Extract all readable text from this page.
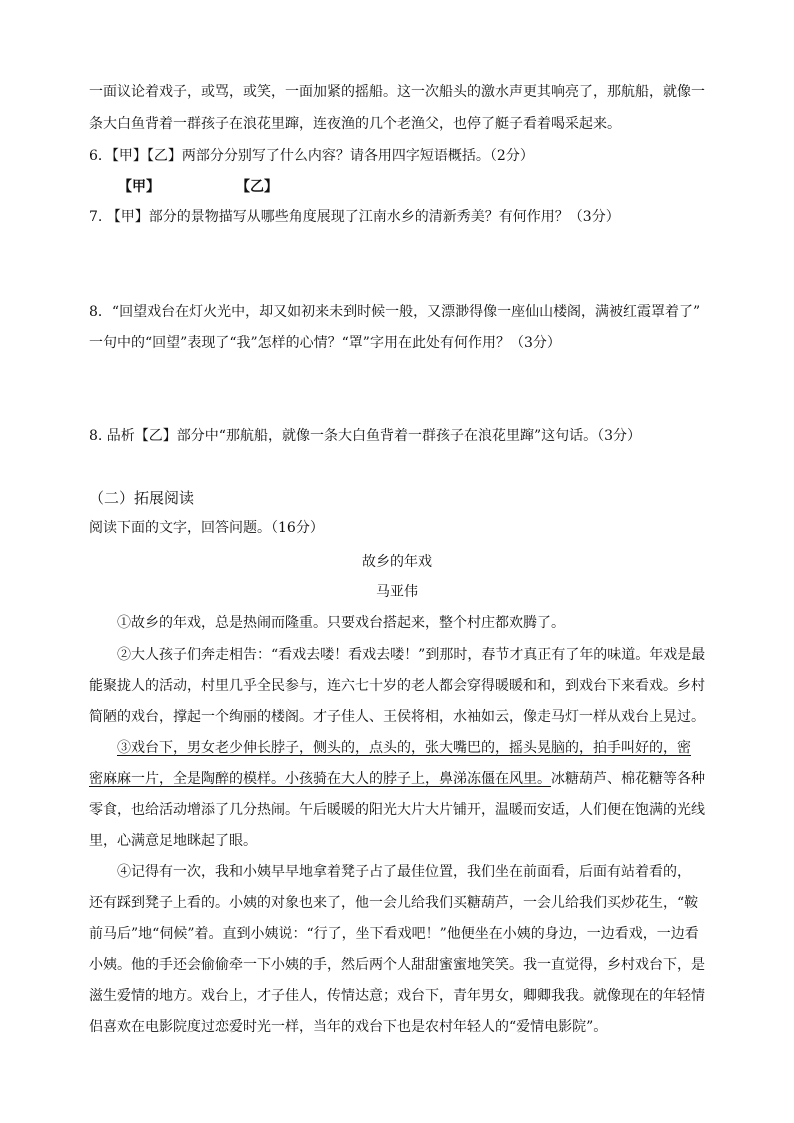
一面议论着戏子，或骂，或笑，一面加紧的摇船。这一次船头的激水声更其响亮了，那航船，就像一
条大白鱼背着一群孩子在浪花里蹿，连夜渔的几个老渔父，也停了艇子看着喝采起来。
6．【甲】【乙】两部分分别写了什么内容？请各用四字短语概括。（2分）
【甲】	【乙】
7. 【甲】部分的景物描写从哪些角度展现了江南水乡的清新秀美？有何作用？（3分）
8．“回望戏台在灯火光中，却又如初来未到时候一般，又漂渺得像一座仙山楼阁，满被红霞罩着了”
一句中的“回望”表现了“我”怎样的心情？“罩”字用在此处有何作用？（3分）
8. 品析【乙】部分中“那航船，就像一条大白鱼背着一群孩子在浪花里蹿”这句话。（3分）
（二）拓展阅读
阅读下面的文字，回答问题。（16分）
故乡的年戏
马亚伟
①故乡的年戏，总是热闹而隆重。只要戏台搭起来，整个村庄都欢腾了。
②大人孩子们奔走相告：“看戏去喽！看戏去喽！”到那时，春节才真正有了年的味道。年戏是最
能聚拢人的活动，村里几乎全民参与，连六七十岁的老人都会穿得暖暖和和，到戏台下来看戏。乡村
简陋的戏台，撑起一个绚丽的楼阁。才子佳人、王侯将相，水袖如云，像走马灯一样从戏台上晃过。
③戏台下，男女老少伸长脖子，侧头的，点头的，张大嘴巴的，摇头晃脑的，拍手叫好的，密
密麻麻一片，全是陶醉的模样。小孩骑在大人的脖子上，鼻涕冻僵在风里。冰糖葫芦、棉花糖等各种
零食，也给活动增添了几分热闹。午后暖暖的阳光大片大片铺开，温暖而安适，人们便在饱满的光线
里，心满意足地眯起了眼。
④记得有一次，我和小姨早早地拿着凳子占了最佳位置，我们坐在前面看，后面有站着看的，
还有踩到凳子上看的。小姨的对象也来了，他一会儿给我们买糖葫芦，一会儿给我们买炒花生，“鞍
前马后”地“伺候”着。直到小姨说：“行了，坐下看戏吧！”他便坐在小姨的身边，一边看戏，一边看
小姨。他的手还会偷偷牵一下小姨的手，然后两个人甜甜蜜蜜地笑笑。我一直觉得，乡村戏台下，是
滋生爱情的地方。戏台上，才子佳人，传情达意；戏台下，青年男女，卿卿我我。就像现在的年轻情
侣喜欢在电影院度过恋爱时光一样，当年的戏台下也是农村年轻人的“爱情电影院”。
